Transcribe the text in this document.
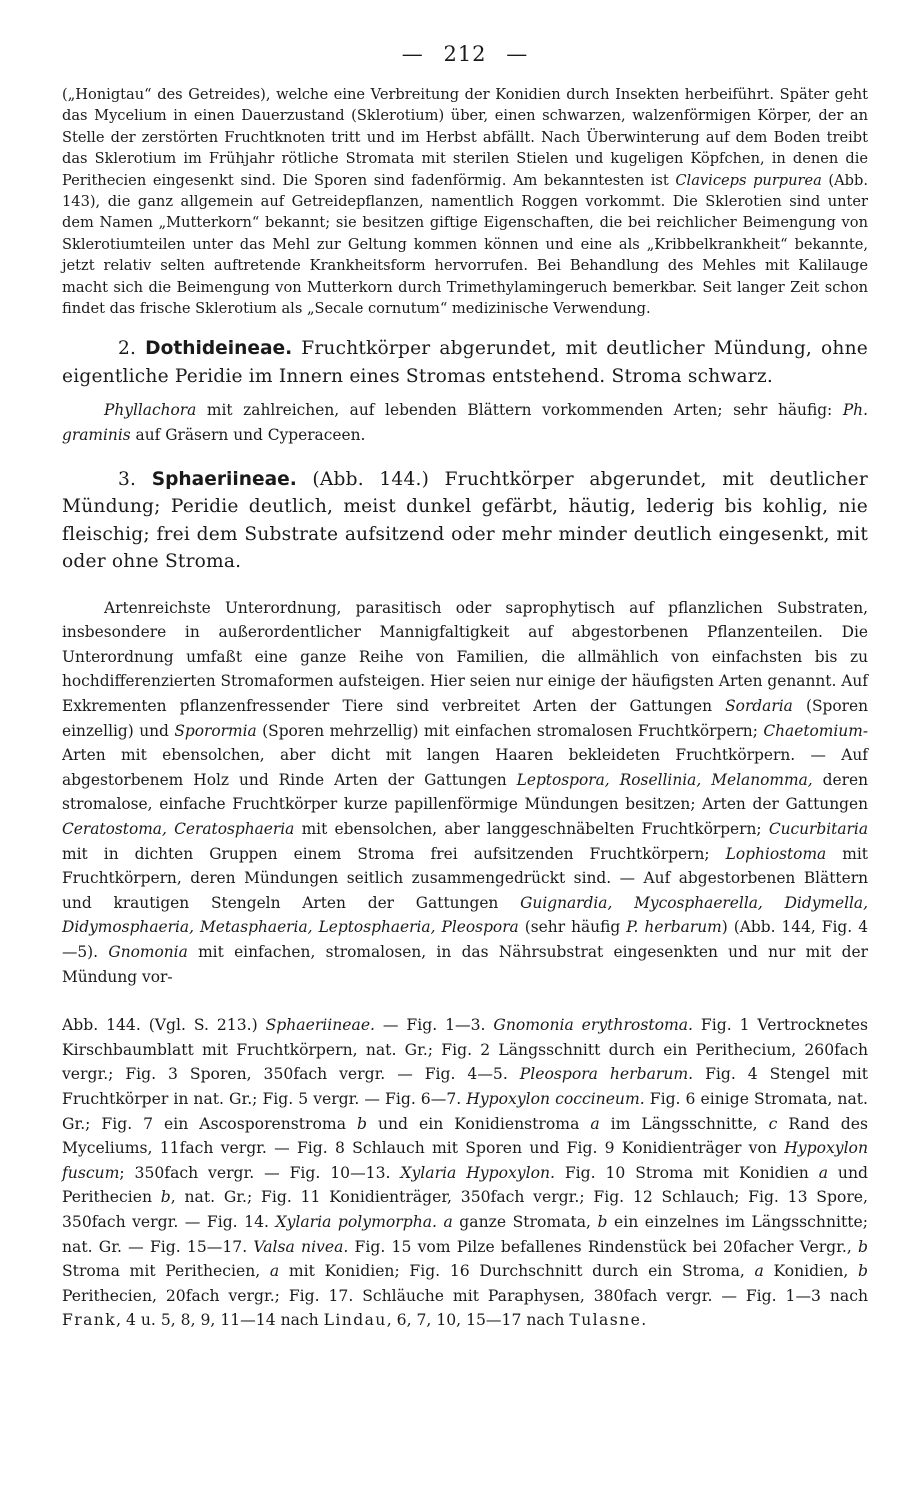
— 212 —

(„Honigtau“ des Getreides), welche eine Verbreitung der Konidien durch Insekten herbeiführt. Später geht das Mycelium in einen Dauerzustand (Sklerotium) über, einen schwarzen, walzenförmigen Körper, der an Stelle der zerstörten Fruchtknoten tritt und im Herbst abfällt. Nach Überwinterung auf dem Boden treibt das Sklerotium im Frühjahr rötliche Stromata mit sterilen Stielen und kugeligen Köpfchen, in denen die Perithecien eingesenkt sind. Die Sporen sind fadenförmig. Am bekanntesten ist Claviceps purpurea (Abb. 143), die ganz allgemein auf Getreidepflanzen, namentlich Roggen vorkommt. Die Sklerotien sind unter dem Namen „Mutterkorn“ bekannt; sie besitzen giftige Eigenschaften, die bei reichlicher Beimengung von Sklerotiumteilen unter das Mehl zur Geltung kommen können und eine als „Kribbelkrankheit“ bekannte, jetzt relativ selten auftretende Krankheitsform hervorrufen. Bei Behandlung des Mehles mit Kalilauge macht sich die Beimengung von Mutterkorn durch Trimethylamingeruch bemerkbar. Seit langer Zeit schon findet das frische Sklerotium als „Secale cornutum“ medizinische Verwendung.

2. Dothideineae. Fruchtkörper abgerundet, mit deutlicher Mündung, ohne eigentliche Peridie im Innern eines Stromas entstehend. Stroma schwarz.

Phyllachora mit zahlreichen, auf lebenden Blättern vorkommenden Arten; sehr häufig: Ph. graminis auf Gräsern und Cyperaceen.

3. Sphaeriineae. (Abb. 144.) Fruchtkörper abgerundet, mit deutlicher Mündung; Peridie deutlich, meist dunkel gefärbt, häutig, lederig bis kohlig, nie fleischig; frei dem Substrate aufsitzend oder mehr minder deutlich eingesenkt, mit oder ohne Stroma.

Artenreichste Unterordnung, parasitisch oder saprophytisch auf pflanzlichen Substraten, insbesondere in außerordentlicher Mannigfaltigkeit auf abgestorbenen Pflanzenteilen. Die Unterordnung umfaßt eine ganze Reihe von Familien, die allmählich von einfachsten bis zu hochdifferenzierten Stromaformen aufsteigen. Hier seien nur einige der häufigsten Arten genannt. Auf Exkrementen pflanzenfressender Tiere sind verbreitet Arten der Gattungen Sordaria (Sporen einzellig) und Sporormia (Sporen mehrzellig) mit einfachen stromalosen Fruchtkörpern; Chaetomium-Arten mit ebensolchen, aber dicht mit langen Haaren bekleideten Fruchtkörpern. — Auf abgestorbenem Holz und Rinde Arten der Gattungen Leptospora, Rosellinia, Melanomma, deren stromalose, einfache Fruchtkörper kurze papillenförmige Mündungen besitzen; Arten der Gattungen Ceratostoma, Ceratosphaeria mit ebensolchen, aber langgeschnäbelten Fruchtkörpern; Cucurbitaria mit in dichten Gruppen einem Stroma frei aufsitzenden Fruchtkörpern; Lophiostoma mit Fruchtkörpern, deren Mündungen seitlich zusammengedrückt sind. — Auf abgestorbenen Blättern und krautigen Stengeln Arten der Gattungen Guignardia, Mycosphaerella, Didymella, Didymosphaeria, Metasphaeria, Leptosphaeria, Pleospora (sehr häufig P. herbarum) (Abb. 144, Fig. 4—5). Gnomonia mit einfachen, stromalosen, in das Nährsubstrat eingesenkten und nur mit der Mündung vor-

Abb. 144. (Vgl. S. 213.) Sphaeriineae. — Fig. 1—3. Gnomonia erythrostoma. Fig. 1 Vertrocknetes Kirschbaumblatt mit Fruchtkörpern, nat. Gr.; Fig. 2 Längsschnitt durch ein Perithecium, 260fach vergr.; Fig. 3 Sporen, 350fach vergr. — Fig. 4—5. Pleospora herbarum. Fig. 4 Stengel mit Fruchtkörper in nat. Gr.; Fig. 5 vergr. — Fig. 6—7. Hypoxylon coccineum. Fig. 6 einige Stromata, nat. Gr.; Fig. 7 ein Ascosporenstroma b und ein Konidienstroma a im Längsschnitte, c Rand des Myceliums, 11fach vergr. — Fig. 8 Schlauch mit Sporen und Fig. 9 Konidienträger von Hypoxylon fuscum; 350fach vergr. — Fig. 10—13. Xylaria Hypoxylon. Fig. 10 Stroma mit Konidien a und Perithecien b, nat. Gr.; Fig. 11 Konidienträger, 350fach vergr.; Fig. 12 Schlauch; Fig. 13 Spore, 350fach vergr. — Fig. 14. Xylaria polymorpha. a ganze Stromata, b ein einzelnes im Längsschnitte; nat. Gr. — Fig. 15—17. Valsa nivea. Fig. 15 vom Pilze befallenes Rindenstück bei 20facher Vergr., b Stroma mit Perithecien, a mit Konidien; Fig. 16 Durchschnitt durch ein Stroma, a Konidien, b Perithecien, 20fach vergr.; Fig. 17. Schläuche mit Paraphysen, 380fach vergr. — Fig. 1—3 nach Frank, 4 u. 5, 8, 9, 11—14 nach Lindau, 6, 7, 10, 15—17 nach Tulasne.
